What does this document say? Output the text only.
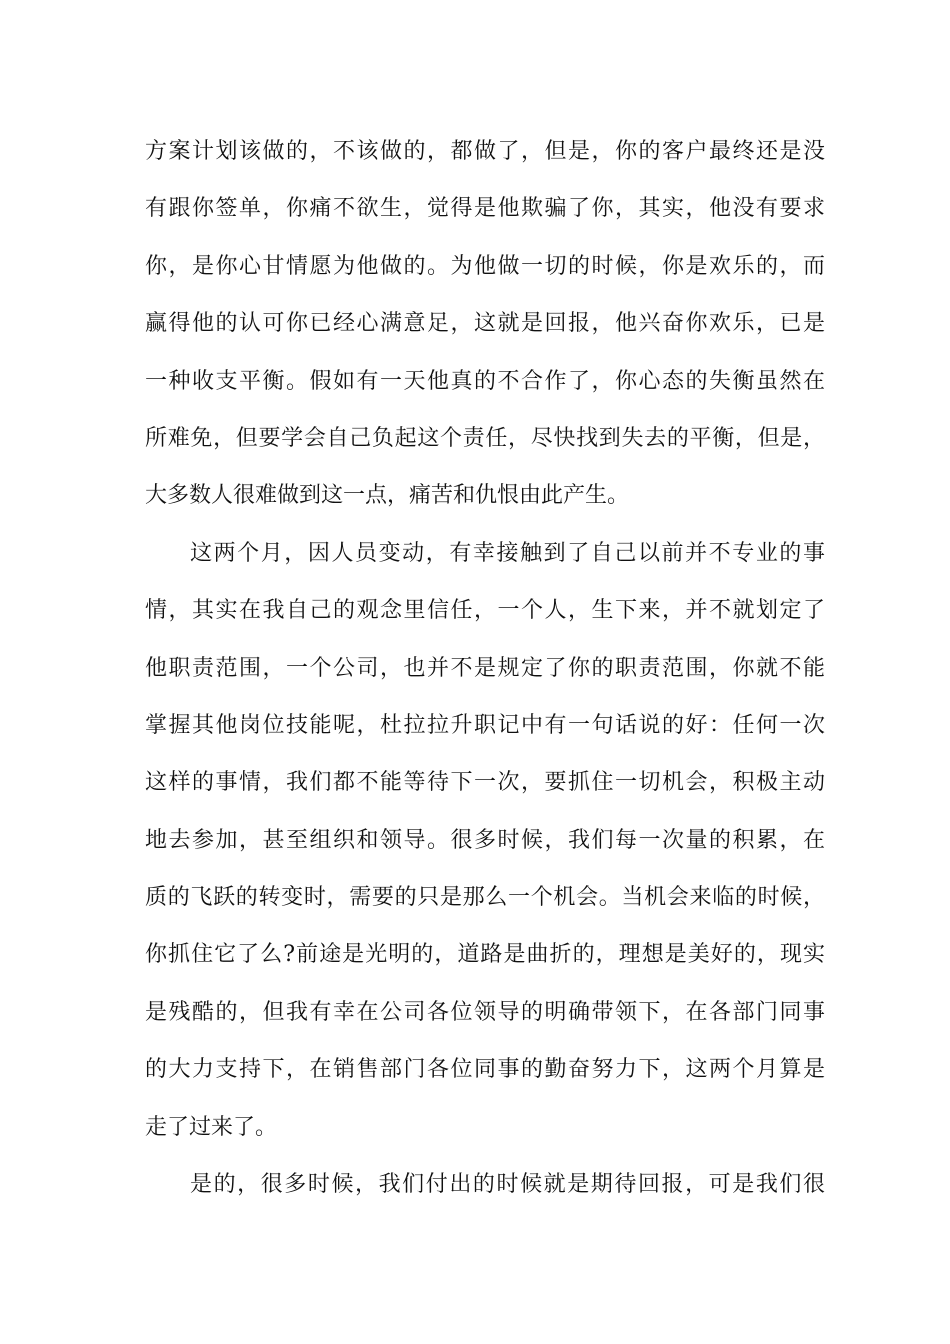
方案计划该做的，不该做的，都做了，但是，你的客户最终还是没
有跟你签单，你痛不欲生，觉得是他欺骗了你，其实，他没有要求
你，是你心甘情愿为他做的。为他做一切的时候，你是欢乐的，而
赢得他的认可你已经心满意足，这就是回报，他兴奋你欢乐，已是
一种收支平衡。假如有一天他真的不合作了，你心态的失衡虽然在
所难免，但要学会自己负起这个责任，尽快找到失去的平衡，但是，
大多数人很难做到这一点，痛苦和仇恨由此产生。
这两个月，因人员变动，有幸接触到了自己以前并不专业的事
情，其实在我自己的观念里信任，一个人，生下来，并不就划定了
他职责范围，一个公司，也并不是规定了你的职责范围，你就不能
掌握其他岗位技能呢，杜拉拉升职记中有一句话说的好：任何一次
这样的事情，我们都不能等待下一次，要抓住一切机会，积极主动
地去参加，甚至组织和领导。很多时候，我们每一次量的积累，在
质的飞跃的转变时，需要的只是那么一个机会。当机会来临的时候，
你抓住它了么?前途是光明的，道路是曲折的，理想是美好的，现实
是残酷的，但我有幸在公司各位领导的明确带领下，在各部门同事
的大力支持下，在销售部门各位同事的勤奋努力下，这两个月算是
走了过来了。
是的，很多时候，我们付出的时候就是期待回报，可是我们很
